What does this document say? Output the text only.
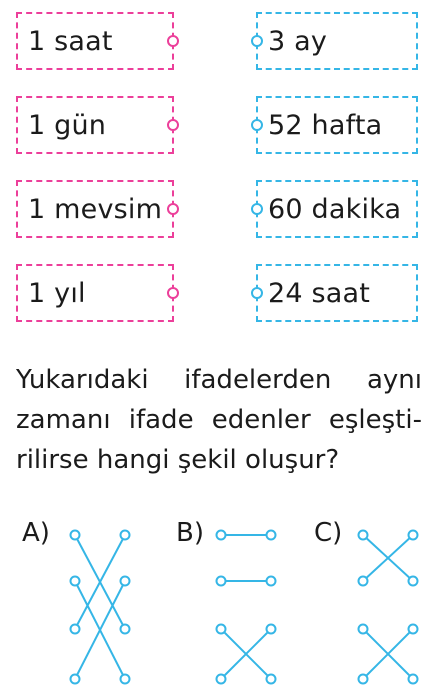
1 saat
1 gün
1 mevsim
1 yıl
3 ay
52 hafta
60 dakika
24 saat
Yukarıdaki ifadelerden aynı
zamanı ifade edenler eşleşti-
rilirse hangi şekil oluşur?
A)	B)	C)
